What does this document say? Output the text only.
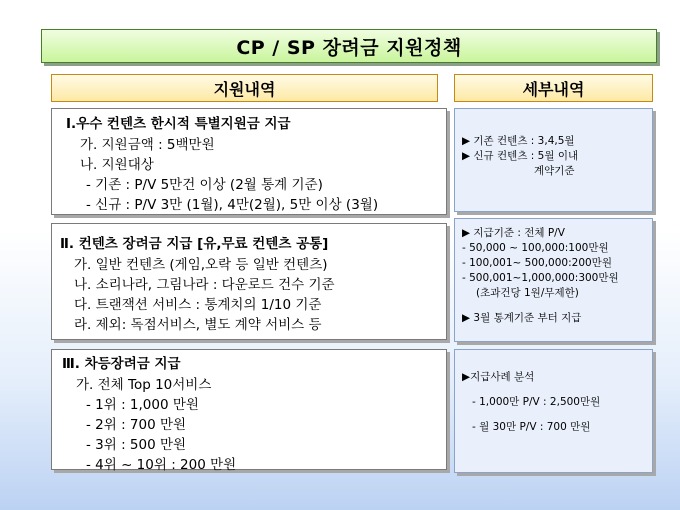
CP / SP 장려금 지원정책
지원내역	세부내역
Ⅰ.우수 컨텐츠 한시적 특별지원금 지급
가. 지원금액 : 5백만원
나. 지원대상
- 기존 : P/V 5만건 이상 (2월 통계 기준)
- 신규 : P/V 3만 (1월), 4만(2월), 5만 이상 (3월)
▶ 기존 컨텐츠 : 3,4,5월
▶ 신규 컨텐츠 : 5월 이내
계약기준
Ⅱ. 컨텐츠 장려금 지급 [유,무료 컨텐츠 공통]
가. 일반 컨텐츠 (게임,오락 등 일반 컨텐츠)
나. 소리나라, 그림나라 : 다운로드 건수 기준
다. 트랜잭션 서비스 : 통계치의 1/10 기준
라. 제외: 독점서비스, 별도 계약 서비스 등
▶ 지급기준 : 전체 P/V
- 50,000 ~ 100,000:100만원
- 100,001~ 500,000:200만원
- 500,001~1,000,000:300만원
(초과건당 1원/무제한)
▶ 3월 통계기준 부터 지급
Ⅲ. 차등장려금 지급
가. 전체 Top 10서비스
- 1위 : 1,000 만원
- 2위 : 700 만원
- 3위 : 500 만원
- 4위 ~ 10위 : 200 만원
▶지급사례 분석
- 1,000만 P/V : 2,500만원
- 월 30만 P/V : 700 만원
